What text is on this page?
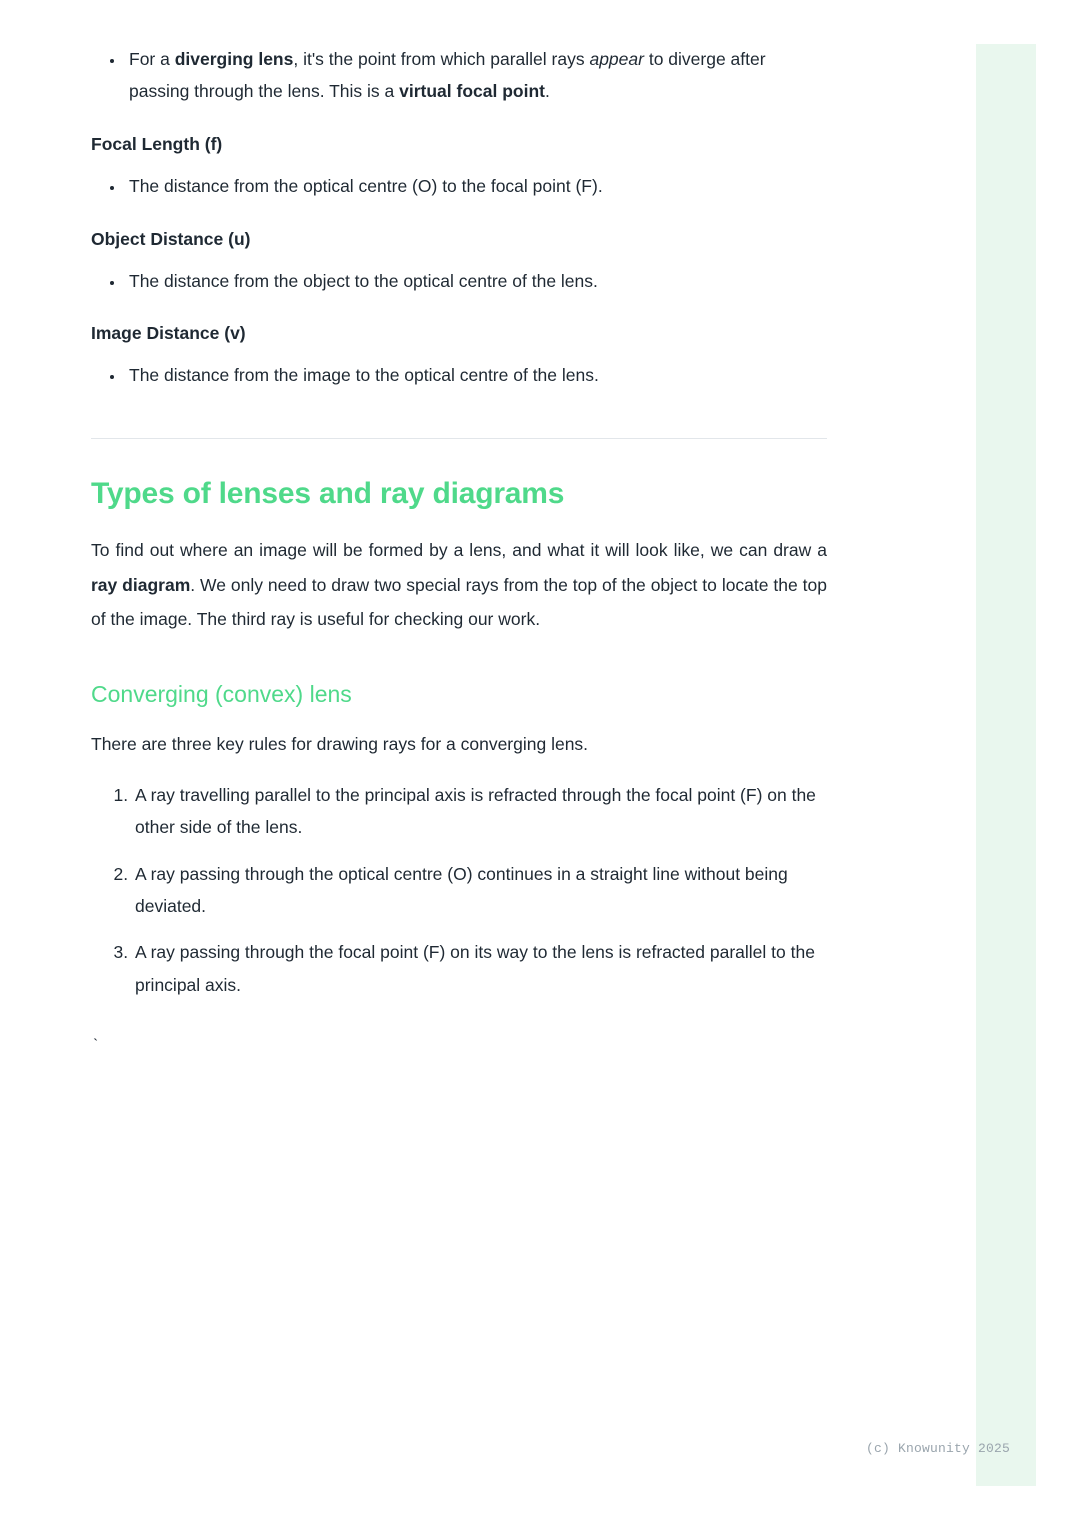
• For a diverging lens, it's the point from which parallel rays appear to diverge after passing through the lens. This is a virtual focal point.
Focal Length (f)
• The distance from the optical centre (O) to the focal point (F).
Object Distance (u)
• The distance from the object to the optical centre of the lens.
Image Distance (v)
• The distance from the image to the optical centre of the lens.
Types of lenses and ray diagrams

To find out where an image will be formed by a lens, and what it will look like, we can draw a ray diagram. We only need to draw two special rays from the top of the object to locate the top of the image. The third ray is useful for checking our work.

Converging (convex) lens

There are three key rules for drawing rays for a converging lens.

1. A ray travelling parallel to the principal axis is refracted through the focal point (F) on the other side of the lens.
2. A ray passing through the optical centre (O) continues in a straight line without being deviated.
3. A ray passing through the focal point (F) on its way to the lens is refracted parallel to the principal axis.
`
(c) Knowunity 2025
